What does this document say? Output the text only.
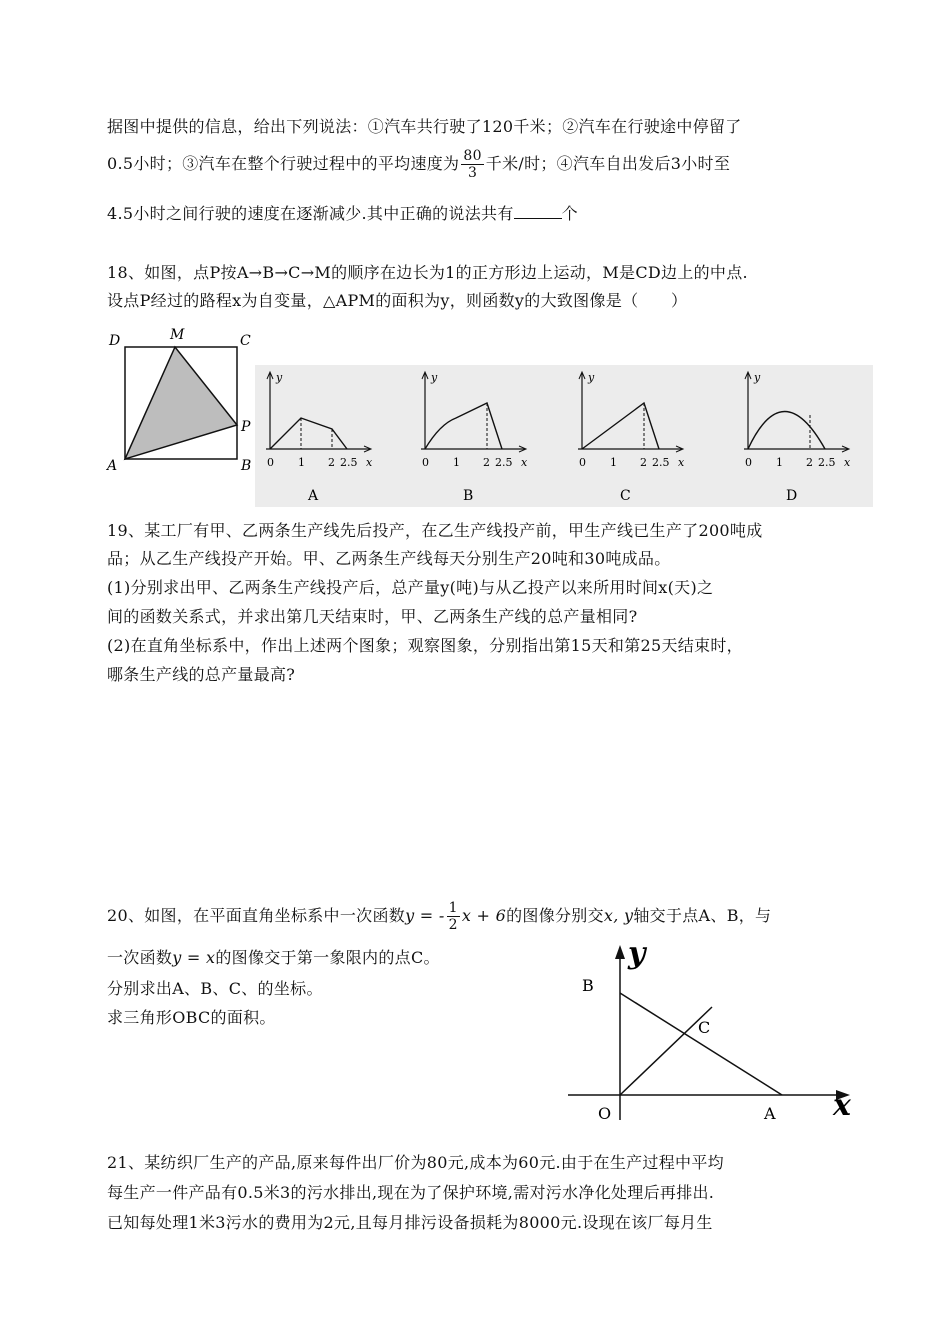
据图中提供的信息，给出下列说法：①汽车共行驶了120千米；②汽车在行驶途中停留了
0.5小时；③汽车在整个行驶过程中的平均速度为 $\frac{80}{3}$ 千米/时；④汽车自出发后3小时至
4.5小时之间行驶的速度在逐渐减少.其中正确的说法共有	个
18、如图，点P按A→B→C→M的顺序在边长为1的正方形边上运动，M是CD边上的中点.
设点P经过的路程x为自变量，△APM的面积为y，则函数y的大致图像是（　　）
D	M	C
A	B
P
y
x
0 1 2 2.5
A
y
x
0 1 2 2.5
B
y
x
0 1 2 2.5
C
y
x
0 1 2 2.5
D
19、某工厂有甲、乙两条生产线先后投产，在乙生产线投产前，甲生产线已生产了200吨成
品；从乙生产线投产开始。甲、乙两条生产线每天分别生产20吨和30吨成品。
(1)分别求出甲、乙两条生产线投产后，总产量y(吨)与从乙投产以来所用时间x(天)之
间的函数关系式，并求出第几天结束时，甲、乙两条生产线的总产量相同?
(2)在直角坐标系中，作出上述两个图象；观察图象，分别指出第15天和第25天结束时，
哪条生产线的总产量最高?
20、如图，在平面直角坐标系中一次函数y = - $\frac{1}{2}$ x + 6的图像分别交x, y轴交于点A、B，与
一次函数y = x的图像交于第一象限内的点C。
分别求出A、B、C、的坐标。
求三角形OBC的面积。
y
x
B
C
O	A
21、某纺织厂生产的产品,原来每件出厂价为80元,成本为60元.由于在生产过程中平均
每生产一件产品有0.5米3的污水排出,现在为了保护环境,需对污水净化处理后再排出.
已知每处理1米3污水的费用为2元,且每月排污设备损耗为8000元.设现在该厂每月生
